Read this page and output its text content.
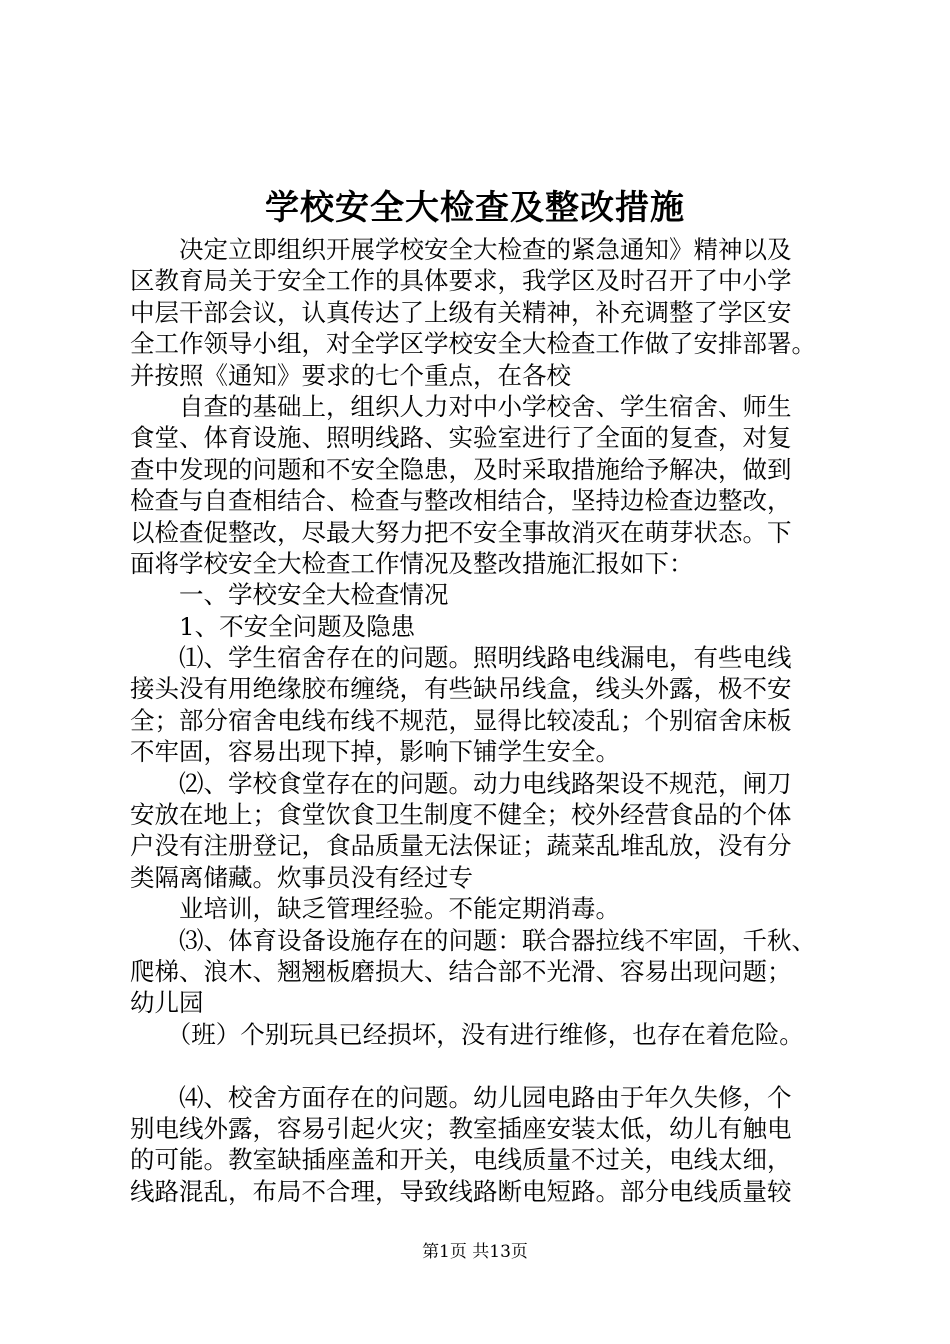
学校安全大检查及整改措施
　　决定立即组织开展学校安全大检查的紧急通知》精神以及
区教育局关于安全工作的具体要求，我学区及时召开了中小学
中层干部会议，认真传达了上级有关精神，补充调整了学区安
全工作领导小组，对全学区学校安全大检查工作做了安排部署。
并按照《通知》要求的七个重点，在各校
　　自查的基础上，组织人力对中小学校舍、学生宿舍、师生
食堂、体育设施、照明线路、实验室进行了全面的复查，对复
查中发现的问题和不安全隐患，及时采取措施给予解决，做到
检查与自查相结合、检查与整改相结合，坚持边检查边整改，
以检查促整改，尽最大努力把不安全事故消灭在萌芽状态。下
面将学校安全大检查工作情况及整改措施汇报如下：
　　一、学校安全大检查情况
　　1、不安全问题及隐患
　　⑴、学生宿舍存在的问题。照明线路电线漏电，有些电线
接头没有用绝缘胶布缠绕，有些缺吊线盒，线头外露，极不安
全；部分宿舍电线布线不规范，显得比较凌乱；个别宿舍床板
不牢固，容易出现下掉，影响下铺学生安全。
　　⑵、学校食堂存在的问题。动力电线路架设不规范，闸刀
安放在地上；食堂饮食卫生制度不健全；校外经营食品的个体
户没有注册登记，食品质量无法保证；蔬菜乱堆乱放，没有分
类隔离储藏。炊事员没有经过专
　　业培训，缺乏管理经验。不能定期消毒。
　　⑶、体育设备设施存在的问题：联合器拉线不牢固，千秋、
爬梯、浪木、翘翘板磨损大、结合部不光滑、容易出现问题；
幼儿园
　　（班）个别玩具已经损坏，没有进行维修，也存在着危险。
　　⑷、校舍方面存在的问题。幼儿园电路由于年久失修，个
别电线外露，容易引起火灾；教室插座安装太低，幼儿有触电
的可能。教室缺插座盖和开关，电线质量不过关，电线太细，
线路混乱，布局不合理，导致线路断电短路。部分电线质量较
第1页 共13页
